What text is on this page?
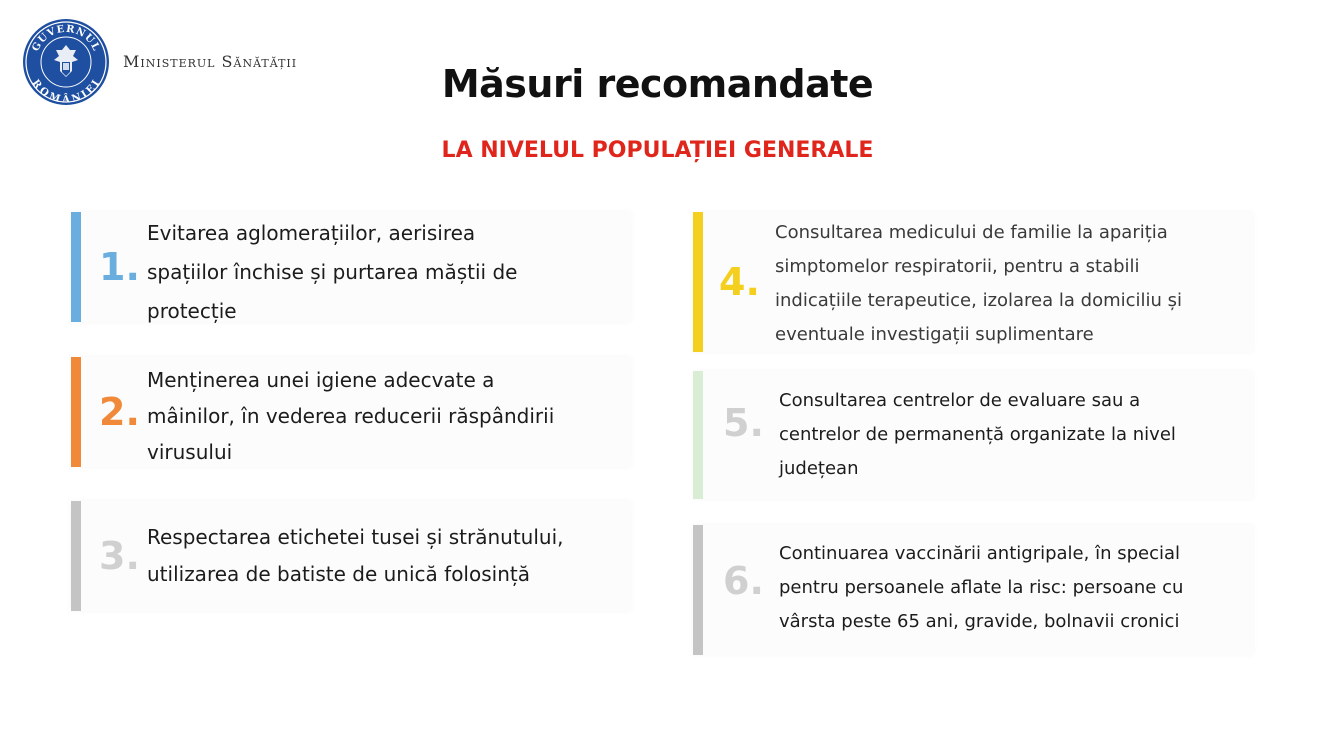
GUVERNUL
ROMÂNIEI
Ministerul Sănătății
Măsuri recomandate
LA NIVELUL POPULAȚIEI GENERALE
1.
Evitarea aglomerațiilor, aerisirea
spațiilor închise și purtarea măștii de
protecție
2.
Menținerea unei igiene adecvate a
mâinilor, în vederea reducerii răspândirii
virusului
3. Respectarea etichetei tusei și strănutului,
utilizarea de batiste de unică folosință
4.
Consultarea medicului de familie la apariția
simptomelor respiratorii, pentru a stabili
indicațiile terapeutice, izolarea la domiciliu și
eventuale investigații suplimentare
5.
Consultarea centrelor de evaluare sau a
centrelor de permanență organizate la nivel
județean
6.
Continuarea vaccinării antigripale, în special
pentru persoanele aflate la risc: persoane cu
vârsta peste 65 ani, gravide, bolnavii cronici
